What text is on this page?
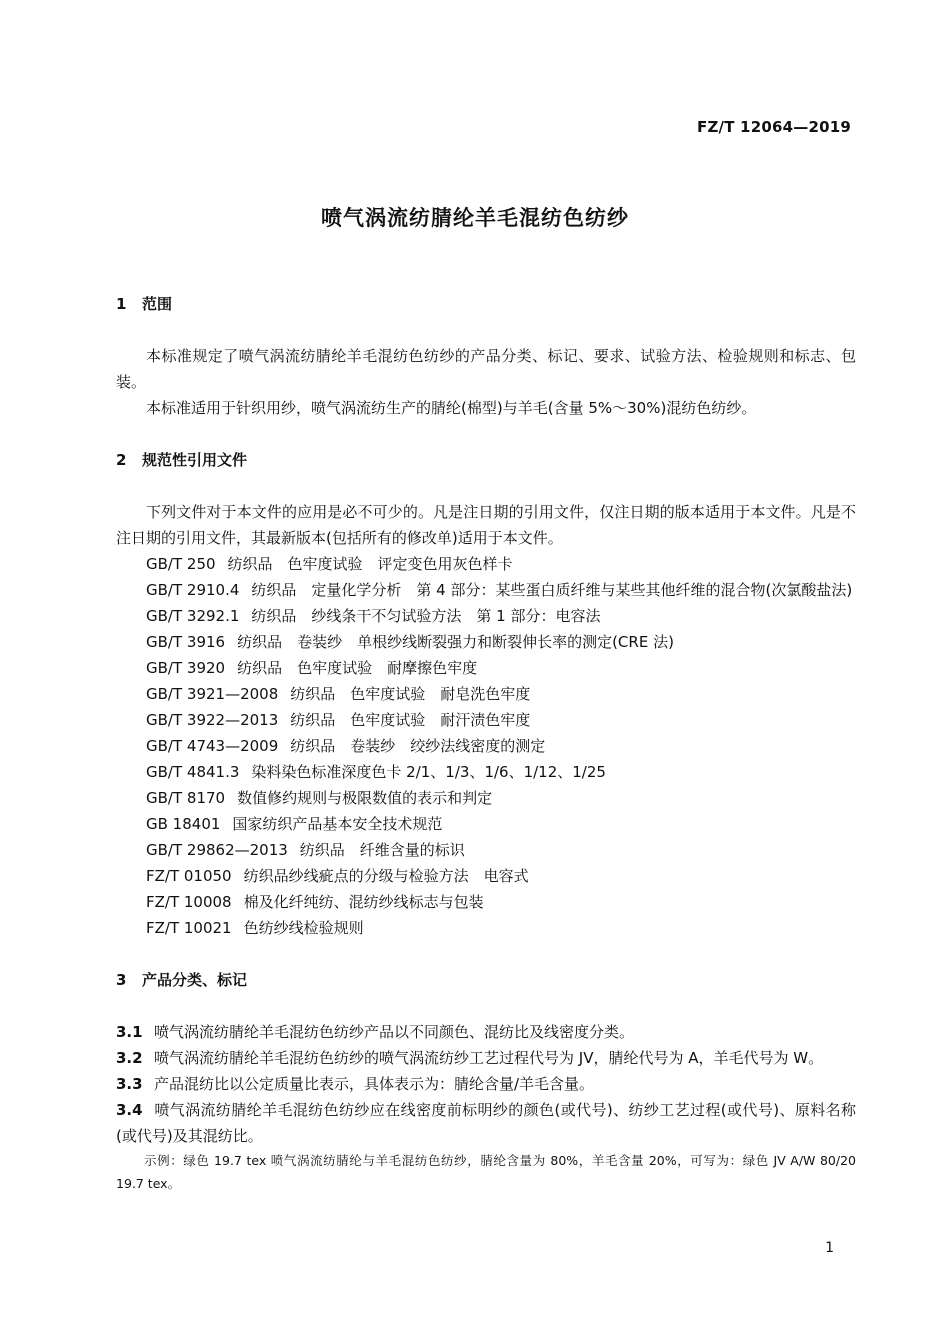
FZ/T 12064—2019
喷气涡流纺腈纶羊毛混纺色纺纱

1 范围

本标准规定了喷气涡流纺腈纶羊毛混纺色纺纱的产品分类、标记、要求、试验方法、检验规则和标志、包装。

本标准适用于针织用纱，喷气涡流纺生产的腈纶(棉型)与羊毛(含量 5%～30%)混纺色纺纱。

2 规范性引用文件

下列文件对于本文件的应用是必不可少的。凡是注日期的引用文件，仅注日期的版本适用于本文件。凡是不注日期的引用文件，其最新版本(包括所有的修改单)适用于本文件。

GB/T 250 纺织品　色牢度试验　评定变色用灰色样卡

GB/T 2910.4 纺织品　定量化学分析　第 4 部分：某些蛋白质纤维与某些其他纤维的混合物(次氯酸盐法)

GB/T 3292.1 纺织品　纱线条干不匀试验方法　第 1 部分：电容法

GB/T 3916 纺织品　卷装纱　单根纱线断裂强力和断裂伸长率的测定(CRE 法)

GB/T 3920 纺织品　色牢度试验　耐摩擦色牢度

GB/T 3921—2008 纺织品　色牢度试验　耐皂洗色牢度

GB/T 3922—2013 纺织品　色牢度试验　耐汗渍色牢度

GB/T 4743—2009 纺织品　卷装纱　绞纱法线密度的测定

GB/T 4841.3 染料染色标准深度色卡 2/1、1/3、1/6、1/12、1/25

GB/T 8170 数值修约规则与极限数值的表示和判定

GB 18401 国家纺织产品基本安全技术规范

GB/T 29862—2013 纺织品　纤维含量的标识

FZ/T 01050 纺织品纱线疵点的分级与检验方法　电容式

FZ/T 10008 棉及化纤纯纺、混纺纱线标志与包装

FZ/T 10021 色纺纱线检验规则

3 产品分类、标记

3.1 喷气涡流纺腈纶羊毛混纺色纺纱产品以不同颜色、混纺比及线密度分类。

3.2 喷气涡流纺腈纶羊毛混纺色纺纱的喷气涡流纺纱工艺过程代号为 JV，腈纶代号为 A，羊毛代号为 W。

3.3 产品混纺比以公定质量比表示，具体表示为：腈纶含量/羊毛含量。

3.4 喷气涡流纺腈纶羊毛混纺色纺纱应在线密度前标明纱的颜色(或代号)、纺纱工艺过程(或代号)、原料名称(或代号)及其混纺比。

示例：绿色 19.7 tex 喷气涡流纺腈纶与羊毛混纺色纺纱，腈纶含量为 80%，羊毛含量 20%，可写为：绿色 JV A/W 80/20 19.7 tex。

1
